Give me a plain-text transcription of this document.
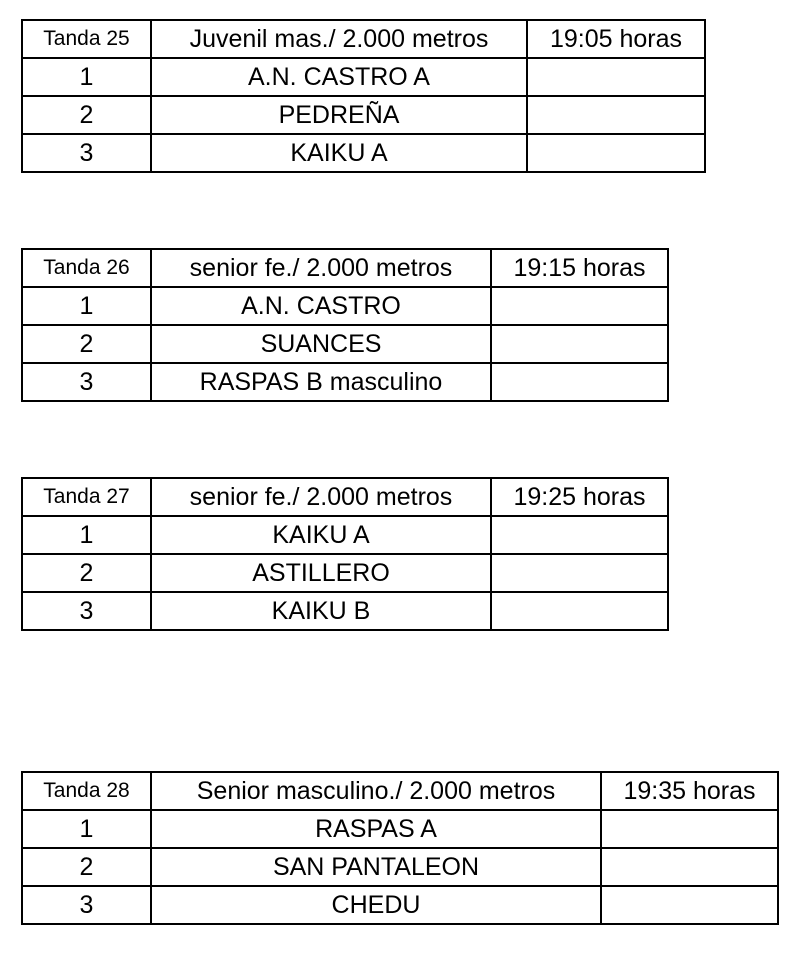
Tanda 25	Juvenil mas./ 2.000 metros	19:05 horas
1	A.N. CASTRO A	
2	PEDREÑA	
3	KAIKU A	
Tanda 26	senior fe./ 2.000 metros	19:15 horas
1	A.N. CASTRO	
2	SUANCES	
3	RASPAS B masculino	
Tanda 27	senior fe./ 2.000 metros	19:25 horas
1	KAIKU A	
2	ASTILLERO	
3	KAIKU B	
Tanda 28	Senior masculino./ 2.000 metros	19:35 horas
1	RASPAS A	
2	SAN PANTALEON	
3	CHEDU	
